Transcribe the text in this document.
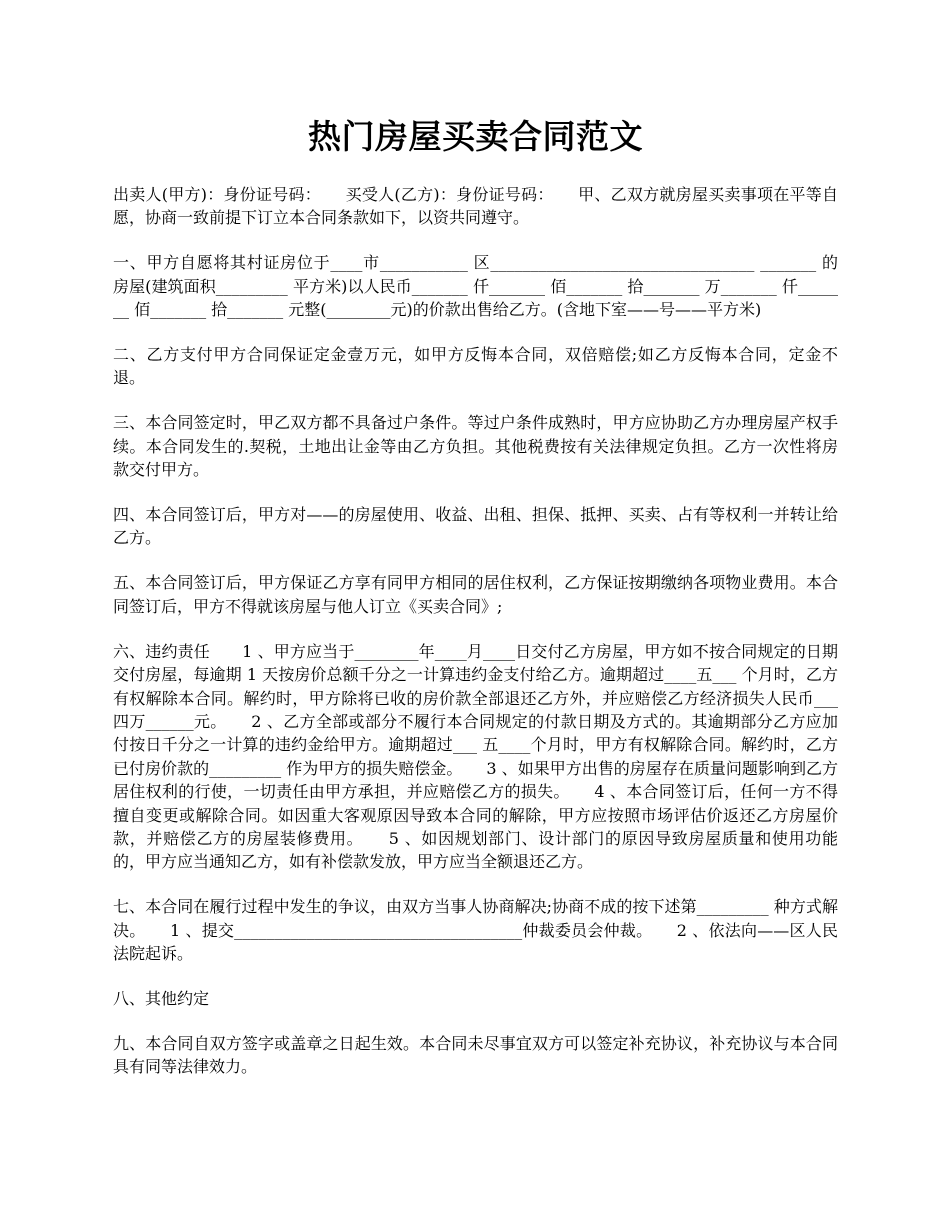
热门房屋买卖合同范文

出卖人(甲方)：身份证号码：　　买受人(乙方)：身份证号码：　　甲、乙双方就房屋买卖事项在平等自愿，协商一致前提下订立本合同条款如下，以资共同遵守。

一、甲方自愿将其村证房位于____市___________ 区_________________________________ _______ 的房屋(建筑面积_________ 平方米)以人民币_______ 仟_______ 佰_______ 拾_______ 万_______ 仟_______ 佰_______ 拾_______ 元整(________元)的价款出售给乙方。(含地下室——号——平方米)

二、乙方支付甲方合同保证定金壹万元，如甲方反悔本合同，双倍赔偿;如乙方反悔本合同，定金不退。

三、本合同签定时，甲乙双方都不具备过户条件。等过户条件成熟时，甲方应协助乙方办理房屋产权手续。本合同发生的.契税，土地出让金等由乙方负担。其他税费按有关法律规定负担。乙方一次性将房款交付甲方。

四、本合同签订后，甲方对——的房屋使用、收益、出租、担保、抵押、买卖、占有等权利一并转让给乙方。

五、本合同签订后，甲方保证乙方享有同甲方相同的居住权利，乙方保证按期缴纳各项物业费用。本合同签订后，甲方不得就该房屋与他人订立《买卖合同》;

六、违约责任　　1 、甲方应当于________年____月____日交付乙方房屋，甲方如不按合同规定的日期交付房屋，每逾期 1 天按房价总额千分之一计算违约金支付给乙方。逾期超过____五___ 个月时，乙方有权解除本合同。解约时，甲方除将已收的房价款全部退还乙方外，并应赔偿乙方经济损失人民币___ 四万______元。　　2 、乙方全部或部分不履行本合同规定的付款日期及方式的。其逾期部分乙方应加付按日千分之一计算的违约金给甲方。逾期超过___ 五____个月时，甲方有权解除合同。解约时，乙方已付房价款的_________ 作为甲方的损失赔偿金。　　3 、如果甲方出售的房屋存在质量问题影响到乙方居住权利的行使，一切责任由甲方承担，并应赔偿乙方的损失。　　4 、本合同签订后，任何一方不得擅自变更或解除合同。如因重大客观原因导致本合同的解除，甲方应按照市场评估价返还乙方房屋价款，并赔偿乙方的房屋装修费用。　　5 、如因规划部门、设计部门的原因导致房屋质量和使用功能的，甲方应当通知乙方，如有补偿款发放，甲方应当全额退还乙方。

七、本合同在履行过程中发生的争议，由双方当事人协商解决;协商不成的按下述第_________ 种方式解决。　　1 、提交____________________________________仲裁委员会仲裁。　　2 、依法向——区人民法院起诉。

八、其他约定

九、本合同自双方签字或盖章之日起生效。本合同未尽事宜双方可以签定补充协议，补充协议与本合同具有同等法律效力。
